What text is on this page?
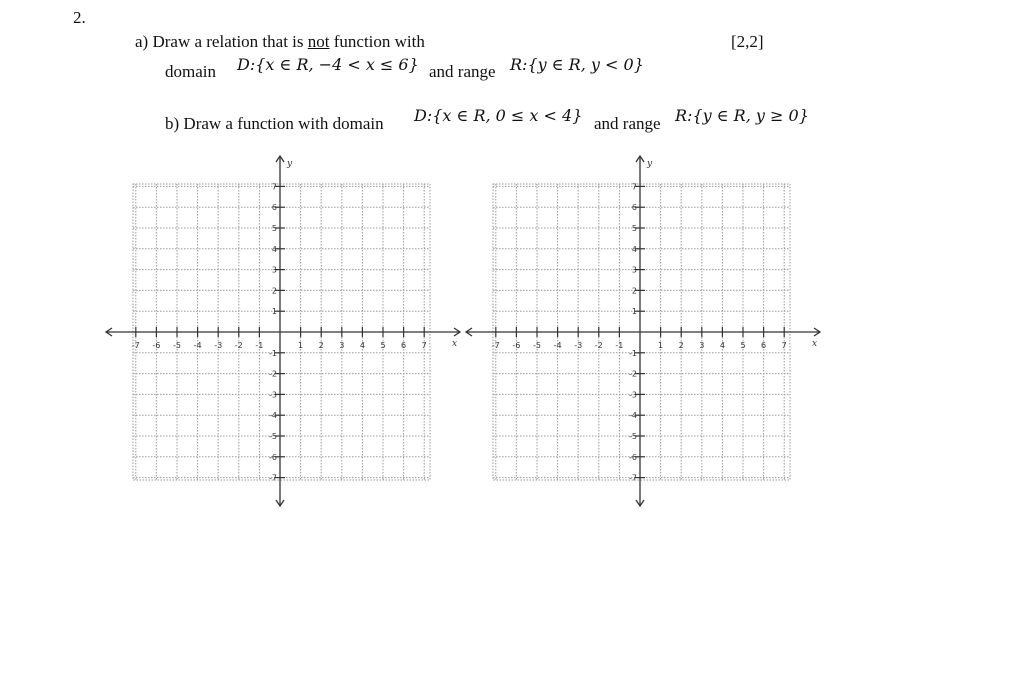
2.
a) Draw a relation that is not function with	[2,2]
domain D:{x ∈ R, −4 < x ≤ 6} and range R:{y ∈ R, y < 0}
b) Draw a function with domain D:{x ∈ R, 0 ≤ x < 4} and range R:{y ∈ R, y ≥ 0}
x
y
-7 -6 -5 -4 -3 -2 -1	1 2 3 4 5 6 7
7
6
5
4
3
2
1
-1
-2
-3
-4
-5
-6
-7
x
y
-7 -6 -5 -4 -3 -2 -1	1 2 3 4 5 6 7
7
6
5
4
3
2
1
-1
-2
-3
-4
-5
-6
-7
